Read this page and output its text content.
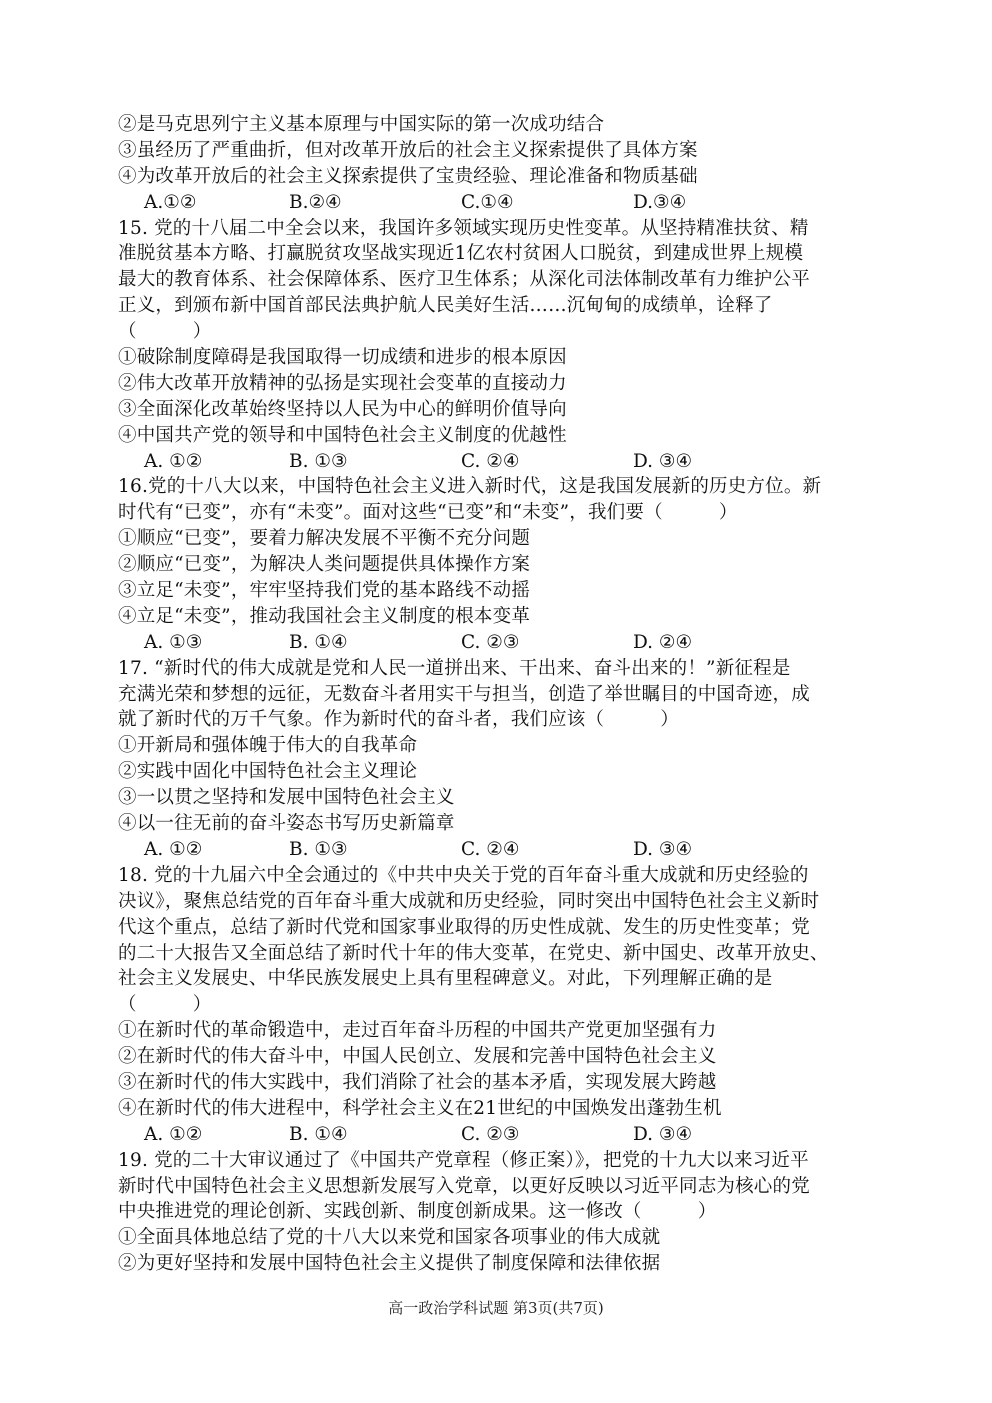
②是马克思列宁主义基本原理与中国实际的第一次成功结合
③虽经历了严重曲折，但对改革开放后的社会主义探索提供了具体方案
④为改革开放后的社会主义探索提供了宝贵经验、理论准备和物质基础
A.①②	B.②④	C.①④	D.③④
15. 党的十八届二中全会以来，我国许多领域实现历史性变革。从坚持精准扶贫、精
准脱贫基本方略、打赢脱贫攻坚战实现近1亿农村贫困人口脱贫，到建成世界上规模
最大的教育体系、社会保障体系、医疗卫生体系；从深化司法体制改革有力维护公平
正义，到颁布新中国首部民法典护航人民美好生活……沉甸甸的成绩单，诠释了
（　　　）
①破除制度障碍是我国取得一切成绩和进步的根本原因
②伟大改革开放精神的弘扬是实现社会变革的直接动力
③全面深化改革始终坚持以人民为中心的鲜明价值导向
④中国共产党的领导和中国特色社会主义制度的优越性
A. ①②	B. ①③	C. ②④	D. ③④
16.党的十八大以来，中国特色社会主义进入新时代，这是我国发展新的历史方位。新
时代有“已变”，亦有“未变”。面对这些“已变”和“未变”，我们要（　　　）
①顺应“已变”，要着力解决发展不平衡不充分问题
②顺应“已变”，为解决人类问题提供具体操作方案
③立足“未变”，牢牢坚持我们党的基本路线不动摇
④立足“未变”，推动我国社会主义制度的根本变革
A. ①③	B. ①④	C. ②③	D. ②④
17. “新时代的伟大成就是党和人民一道拼出来、干出来、奋斗出来的！”新征程是
充满光荣和梦想的远征，无数奋斗者用实干与担当，创造了举世瞩目的中国奇迹，成
就了新时代的万千气象。作为新时代的奋斗者，我们应该（　　　）
①开新局和强体魄于伟大的自我革命
②实践中固化中国特色社会主义理论
③一以贯之坚持和发展中国特色社会主义
④以一往无前的奋斗姿态书写历史新篇章
A. ①②	B. ①③	C. ②④	D. ③④
18. 党的十九届六中全会通过的《中共中央关于党的百年奋斗重大成就和历史经验的
决议》，聚焦总结党的百年奋斗重大成就和历史经验，同时突出中国特色社会主义新时
代这个重点，总结了新时代党和国家事业取得的历史性成就、发生的历史性变革；党
的二十大报告又全面总结了新时代十年的伟大变革，在党史、新中国史、改革开放史、
社会主义发展史、中华民族发展史上具有里程碑意义。对此，下列理解正确的是
（　　　）
①在新时代的革命锻造中，走过百年奋斗历程的中国共产党更加坚强有力
②在新时代的伟大奋斗中，中国人民创立、发展和完善中国特色社会主义
③在新时代的伟大实践中，我们消除了社会的基本矛盾，实现发展大跨越
④在新时代的伟大进程中，科学社会主义在21世纪的中国焕发出蓬勃生机
A. ①②	B. ①④	C. ②③	D. ③④
19. 党的二十大审议通过了《中国共产党章程（修正案）》，把党的十九大以来习近平
新时代中国特色社会主义思想新发展写入党章，以更好反映以习近平同志为核心的党
中央推进党的理论创新、实践创新、制度创新成果。这一修改（　　　）
①全面具体地总结了党的十八大以来党和国家各项事业的伟大成就
②为更好坚持和发展中国特色社会主义提供了制度保障和法律依据
高一政治学科试题 第3页(共7页)
